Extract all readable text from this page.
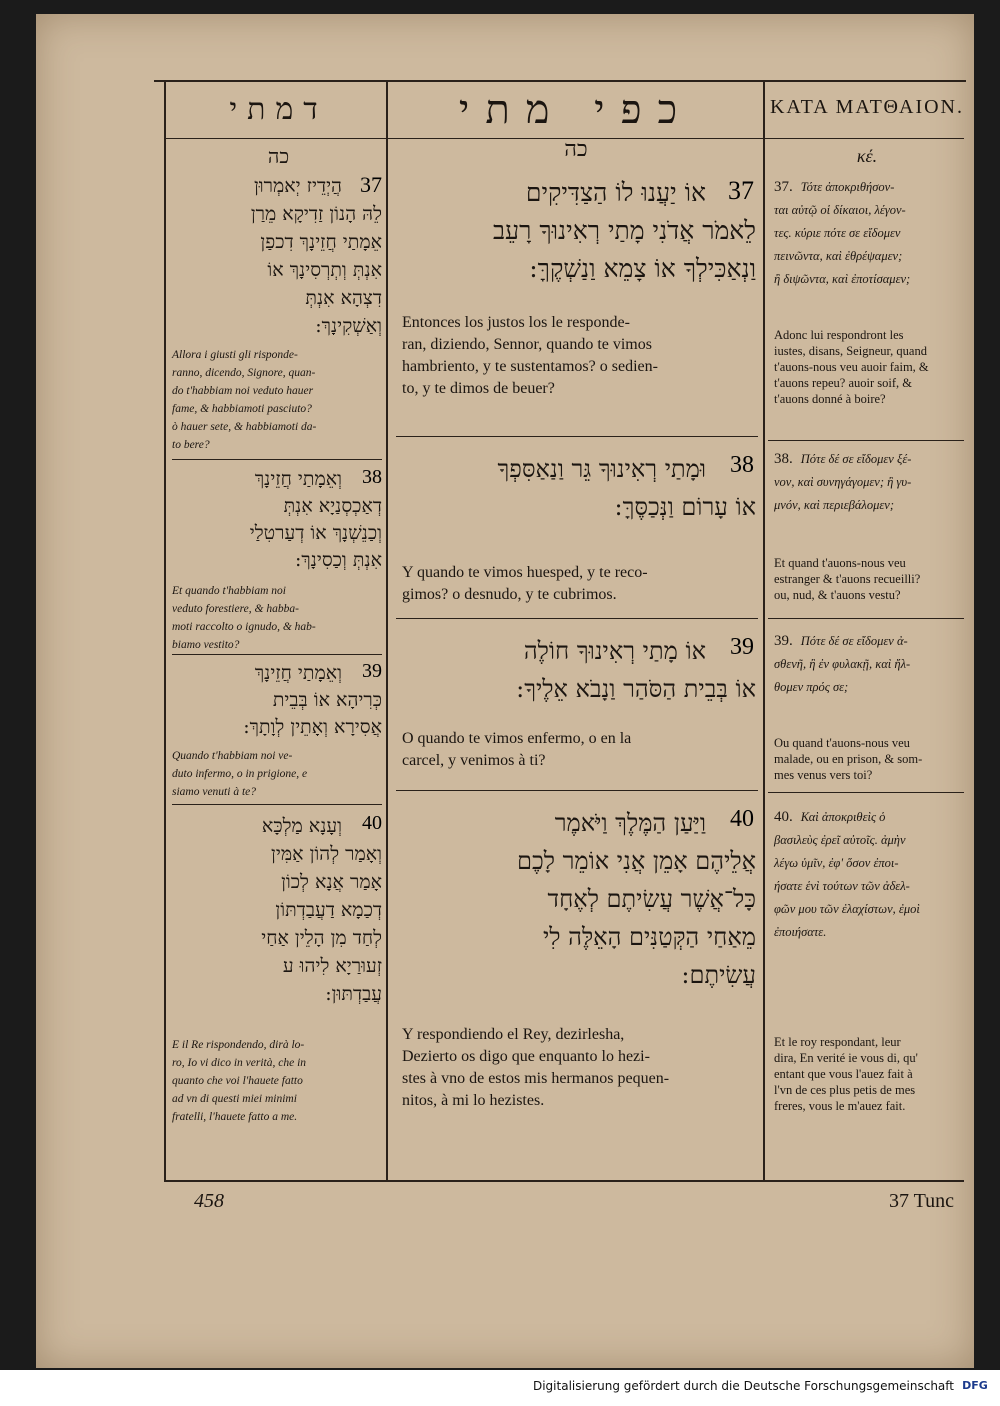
דמתי	כפי מתי	ΚΑΤΑ ΜΑΤΘΑΙΟΝ.
כה	כה	κέ.
37
הֲיְדֵיז יְאמְרוּן
לֵהּ הָנוֹן זַדִיקָא מֵרַן
אֵמָתַי חֲזֵינָךְ דִכפַן
אִנְתְּ וְתְרְסִינָךְ אוֹ
דִצְהָא אִנְתְּ
וְאַשְׁקִינָךְ:
Allora i giusti gli risponde-
ranno, dicendo, Signore, quan-
do t'habbiam noi veduto hauer
fame, & habbiamoti pasciuto?
ò hauer sete, & habbiamoti da-
to bere?
38
וְאֵמָתַי חֲזֵינָךְ
דְאַכְסְנַיָא אִנְתְּ
וְכַנֵשְׁנָךְ אוֹ דְעַרטִלַי
אִנְתְּ וְכַסִינָךְ:
Et quando t'habbiam noi
veduto forestiere, & habba-
moti raccolto o ignudo, & hab-
biamo vestito?
39
וְאֵמָתַי חֲזֵינָךְ
כְּרִיהָא אוֹ בְּבֵית
אֲסִירָא וְאָתֵין לְוָתָךְ:
Quando t'habbiam noi ve-
duto infermo, o in prigione, e
siamo venuti à te?
40
וְעָנָא מַלְכָּא
וְאָמַר לְהוֹן אַמִּין
אָמַר אֲנָא לְכוֹן
דְכַמָא דַעֲבַדְתּוֹן
לְחַד מִן הָלֵין אַחַי
זְעוּרַיָא לִיהוּ ע
עֲבַדְתּוּן:
E il Re rispondendo, dirà lo-
ro, Io vi dico in verità, che in
quanto che voi l'hauete fatto
ad vn di questi miei minimi
fratelli, l'hauete fatto a me.
37
אוֹ יַעֲנוּ לוֹ הַצַדִּיקִים
לֵאמֹר אֲדֹנִי מָתַי רְאִינוּךָ רָעֵב
וַנְאַכִּילְךָ אוֹ צָמֵא וַנַשְׁקֶךָּ:
Entonces los justos los le responde-
ran, diziendo, Sennor, quando te vimos
hambriento, y te sustentamos? o sedien-
to, y te dimos de beuer?
38
וּמָתַי רְאִינוּךָ גֵּר וַנַאַסִּפְךָ
אוֹ עָרוֹם וַנְּכַסֶּךָּ:
Y quando te vimos huesped, y te reco-
gimos? o desnudo, y te cubrimos.
39
אוֹ מָתַי רְאִינוּךָ חוֹלֶה
אוֹ בְּבֵית הַסֹּהַר וַנָבֹא אֵלֶיךָ:
O quando te vimos enfermo, o en la
carcel, y venimos à ti?
40
וַיַּעַן הַמֶּלֶךְ וַיֹּאמֶר
אֲלֵיהֶם אָמֵן אֲנִי אוֹמֵר לָכֶם
כָּל־אֲשֶׁר עֲשִׂיתֶם לְאֶחָד
מֵאַחַי הַקְּטַנִּים הָאֵלֶּה לִי
עֲשִׂיתֶם:
Y respondiendo el Rey, dezirlesha,
Dezierto os digo que enquanto lo hezi-
stes à vno de estos mis hermanos pequen-
nitos, à mi lo hezistes.
37. Τότε ἀποκριθήσον-
ται αὐτῷ οἱ δίκαιοι, λέγον-
τες. κύριε πότε σε εἴδομεν
πεινῶντα, καὶ ἐθρέψαμεν;
ἢ διψῶντα, καὶ ἐποτίσαμεν;
Adonc lui respondront les
iustes, disans, Seigneur, quand
t'auons-nous veu auoir faim, &
t'auons repeu? auoir soif, &
t'auons donné à boire?
38. Πότε δέ σε εἴδομεν ξέ-
νον, καὶ συνηγάγομεν; ἢ γυ-
μνόν, καὶ περιεβάλομεν;
Et quand t'auons-nous veu
estranger & t'auons recueilli?
ou, nud, & t'auons vestu?
39. Πότε δέ σε εἴδομεν ἀ-
σθενῆ, ἢ ἐν φυλακῇ, καὶ ἤλ-
θομεν πρός σε;
Ou quand t'auons-nous veu
malade, ou en prison, & som-
mes venus vers toi?
40. Καὶ ἀποκριθεὶς ὁ
βασιλεὺς ἐρεῖ αὐτοῖς. ἀμὴν
λέγω ὑμῖν, ἐφ' ὅσον ἐποι-
ήσατε ἑνὶ τούτων τῶν ἀδελ-
φῶν μου τῶν ἐλαχίστων, ἐμοὶ
ἐποιήσατε.
Et le roy respondant, leur
dira, En verité ie vous di, qu'
entant que vous l'auez fait à
l'vn de ces plus petis de mes
freres, vous le m'auez fait.
458	37 Tunc
Digitalisierung gefördert durch die Deutsche Forschungsgemeinschaft DFG
